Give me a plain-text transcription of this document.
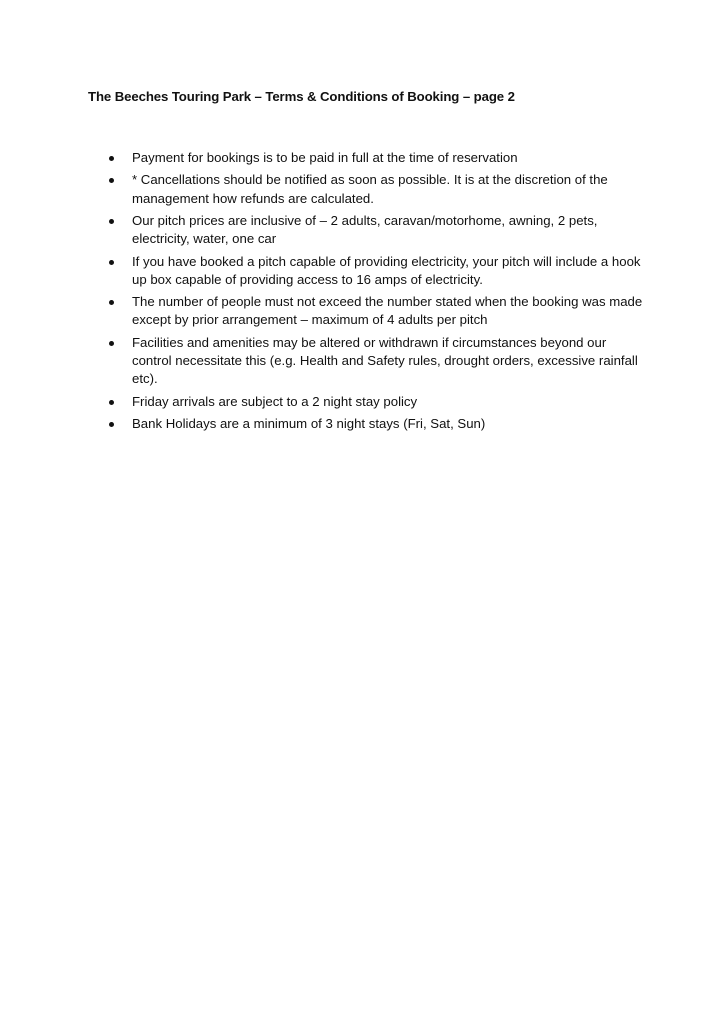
The Beeches Touring Park – Terms & Conditions of Booking – page 2
Payment for bookings is to be paid in full at the time of reservation
* Cancellations should be notified as soon as possible. It is at the discretion of the management how refunds are calculated.
Our pitch prices are inclusive of – 2 adults, caravan/motorhome, awning, 2 pets, electricity, water, one car
If you have booked a pitch capable of providing electricity, your pitch will include a hook up box capable of providing access to 16 amps of electricity.
The number of people must not exceed the number stated when the booking was made except by prior arrangement – maximum of 4 adults per pitch
Facilities and amenities may be altered or withdrawn if circumstances beyond our control necessitate this (e.g. Health and Safety rules, drought orders, excessive rainfall etc).
Friday arrivals are subject to a 2 night stay policy
Bank Holidays are a minimum of 3 night stays (Fri, Sat, Sun)
